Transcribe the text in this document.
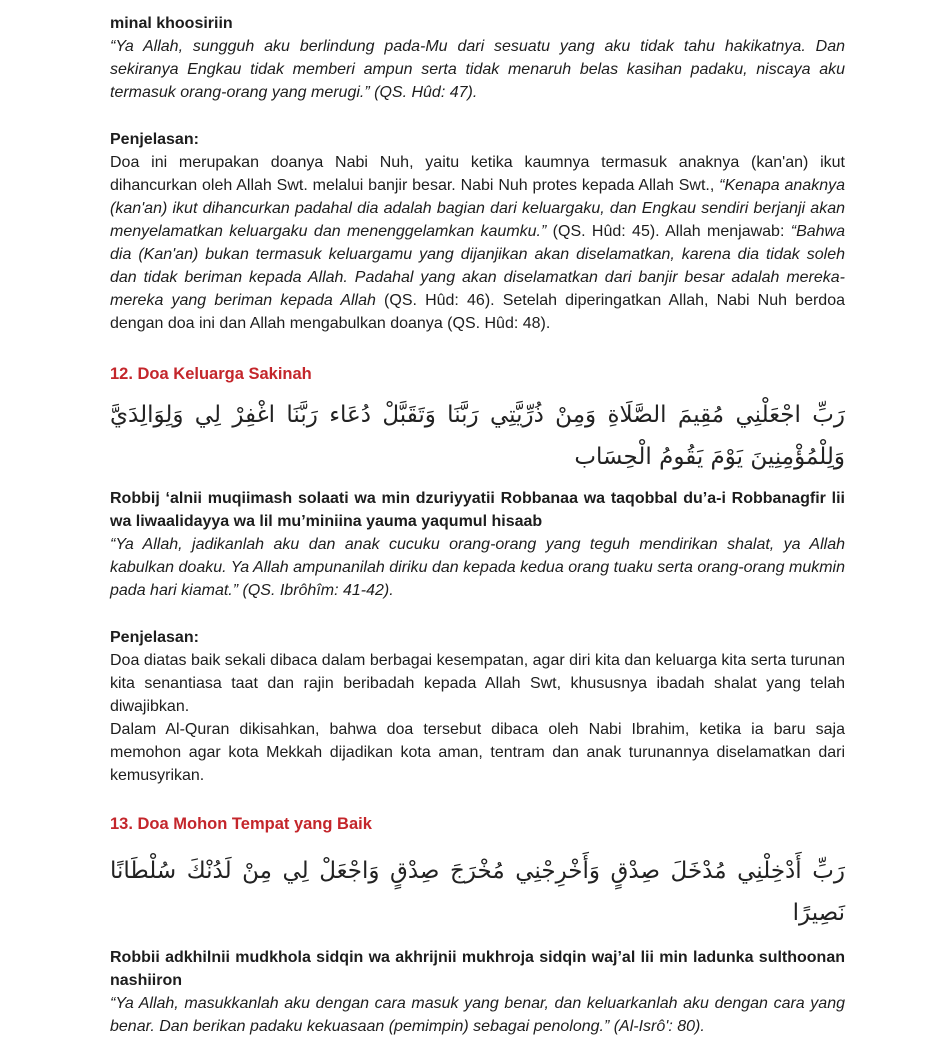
minal khoosiriin

“Ya Allah, sungguh aku berlindung pada-Mu dari sesuatu yang aku tidak tahu hakikatnya. Dan sekiranya Engkau tidak memberi ampun serta tidak menaruh belas kasihan padaku, niscaya aku termasuk orang-orang yang merugi.” (QS. Hûd: 47).

Penjelasan:

Doa ini merupakan doanya Nabi Nuh, yaitu ketika kaumnya termasuk anaknya (kan'an) ikut dihancurkan oleh Allah Swt. melalui banjir besar. Nabi Nuh protes kepada Allah Swt., “Kenapa anaknya (kan'an) ikut dihancurkan padahal dia adalah bagian dari keluargaku, dan Engkau sendiri berjanji akan menyelamatkan keluargaku dan menenggelamkan kaumku.” (QS. Hûd: 45). Allah menjawab: “Bahwa dia (Kan'an) bukan termasuk keluargamu yang dijanjikan akan diselamatkan, karena dia tidak soleh dan tidak beriman kepada Allah. Padahal yang akan diselamatkan dari banjir besar adalah mereka-mereka yang beriman kepada Allah (QS. Hûd: 46). Setelah diperingatkan Allah, Nabi Nuh berdoa dengan doa ini dan Allah mengabulkan doanya (QS. Hûd: 48).

12. Doa Keluarga Sakinah

رَبِّ اجْعَلْنِي مُقِيمَ الصَّلَاةِ وَمِنْ ذُرِّيَّتِي رَبَّنَا وَتَقَبَّلْ دُعَاء رَبَّنَا اغْفِرْ لِي وَلِوَالِدَيَّ وَلِلْمُؤْمِنِينَ يَوْمَ يَقُومُ الْحِسَاب

Robbij ‘alnii muqiimash solaati wa min dzuriyyatii Robbanaa wa taqobbal du’a-i Robbanagfir lii wa liwaalidayya wa lil mu’miniina yauma yaqumul hisaab

“Ya Allah, jadikanlah aku dan anak cucuku orang-orang yang teguh mendirikan shalat, ya Allah kabulkan doaku. Ya Allah ampunanilah diriku dan kepada kedua orang tuaku serta orang-orang mukmin pada hari kiamat.” (QS. Ibrôhîm: 41-42).

Penjelasan:

Doa diatas baik sekali dibaca dalam berbagai kesempatan, agar diri kita dan keluarga kita serta turunan kita senantiasa taat dan rajin beribadah kepada Allah Swt, khususnya ibadah shalat yang telah diwajibkan.

Dalam Al-Quran dikisahkan, bahwa doa tersebut dibaca oleh Nabi Ibrahim, ketika ia baru saja memohon agar kota Mekkah dijadikan kota aman, tentram dan anak turunannya diselamatkan dari kemusyrikan.

13. Doa Mohon Tempat yang Baik

رَبِّ أَدْخِلْنِي مُدْخَلَ صِدْقٍ وَأَخْرِجْنِي مُخْرَجَ صِدْقٍ وَاجْعَلْ لِي مِنْ لَدُنْكَ سُلْطَانًا نَصِيرًا

Robbii adkhilnii mudkhola sidqin wa akhrijnii mukhroja sidqin waj’al lii min ladunka sulthoonan nashiiron

“Ya Allah, masukkanlah aku dengan cara masuk yang benar, dan keluarkanlah aku dengan cara yang benar. Dan berikan padaku kekuasaan (pemimpin) sebagai penolong.” (Al-Isrô': 80).
